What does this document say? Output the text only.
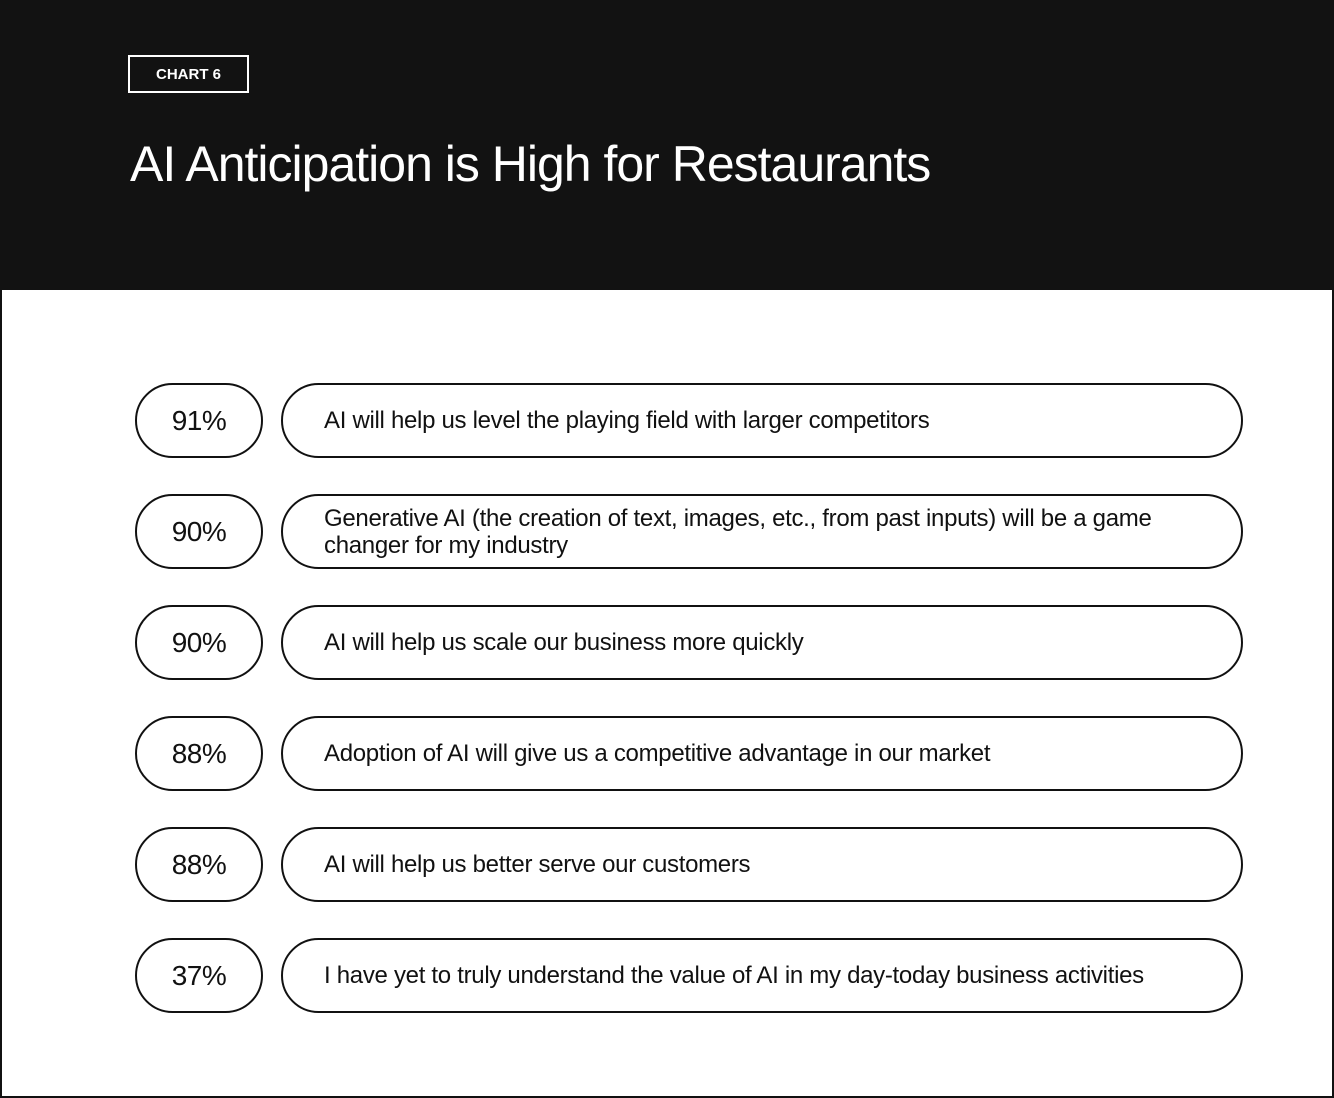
CHART 6
AI Anticipation is High for Restaurants
91%	AI will help us level the playing field with larger competitors
90%	Generative AI (the creation of text, images, etc., from past inputs) will be a game changer for my industry
90%	AI will help us scale our business more quickly
88%	Adoption of AI will give us a competitive advantage in our market
88%	AI will help us better serve our customers
37%	I have yet to truly understand the value of AI in my day-today business activities
